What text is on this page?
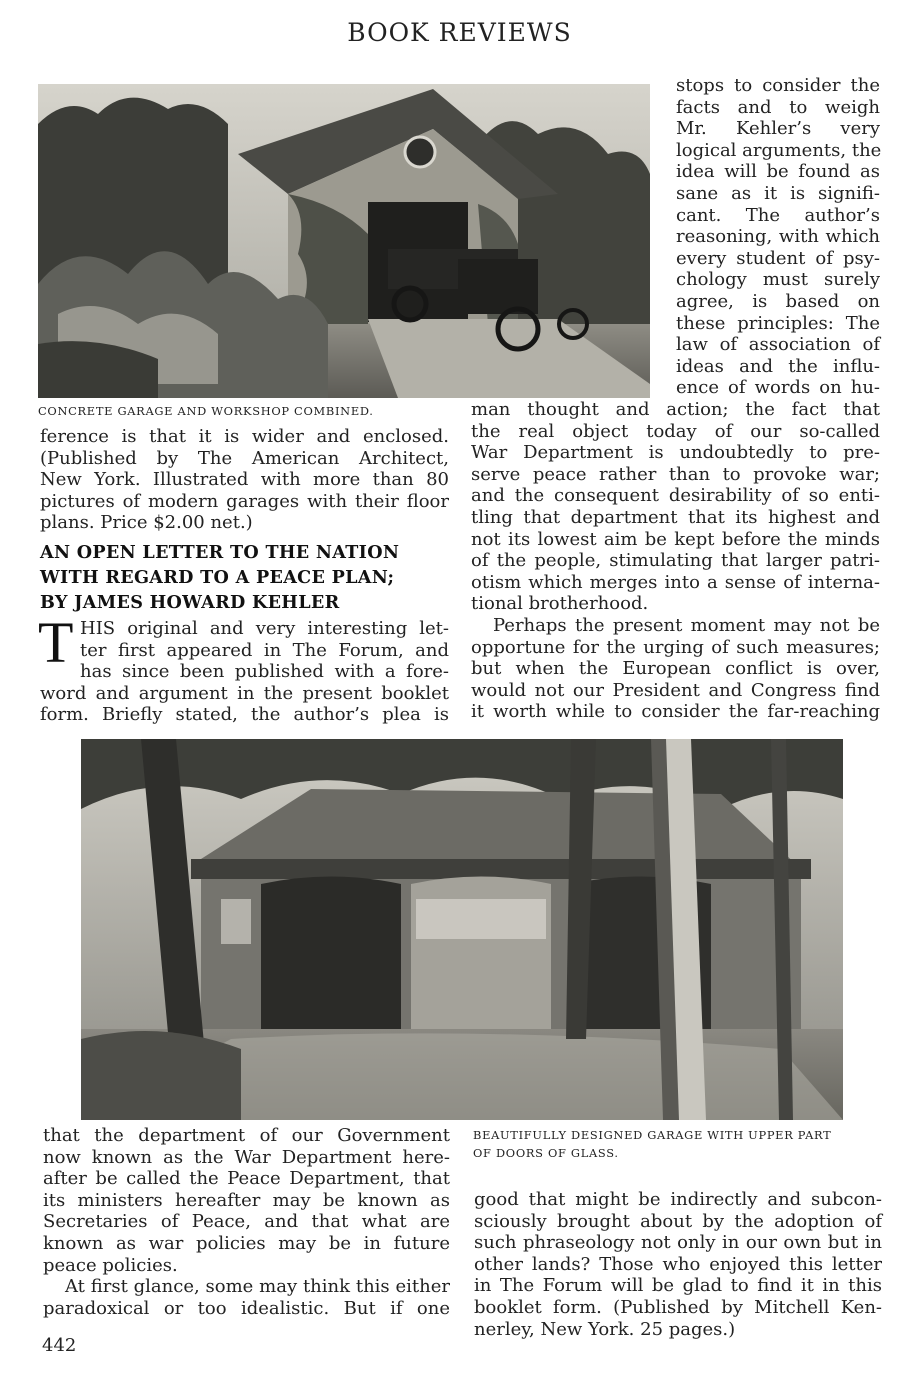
BOOK REVIEWS
CONCRETE GARAGE AND WORKSHOP COMBINED.
stops to consider the
facts and to weigh
Mr. Kehler’s very
logical arguments, the
idea will be found as
sane as it is signifi-
cant. The author’s
reasoning, with which
every student of psy-
chology must surely
agree, is based on
these principles: The
law of association of
ideas and the influ-
ence of words on hu-
man thought and action; the fact that
the real object today of our so-called
War Department is undoubtedly to pre-
serve peace rather than to provoke war;
and the consequent desirability of so enti-
tling that department that its highest and
not its lowest aim be kept before the minds
of the people, stimulating that larger patri-
otism which merges into a sense of interna-
tional brotherhood.
Perhaps the present moment may not be
opportune for the urging of such measures;
but when the European conflict is over,
would not our President and Congress find
it worth while to consider the far-reaching
ference is that it is wider and enclosed.
(Published by The American Architect,
New York. Illustrated with more than 80
pictures of modern garages with their floor
plans. Price $2.00 net.)
AN OPEN LETTER TO THE NATION
WITH REGARD TO A PEACE PLAN;
BY JAMES HOWARD KEHLER
T HIS original and very interesting let-
ter first appeared in The Forum, and
has since been published with a fore-
word and argument in the present booklet
form. Briefly stated, the author’s plea is
BEAUTIFULLY DESIGNED GARAGE WITH UPPER PART
OF DOORS OF GLASS.
that the department of our Government
now known as the War Department here-
after be called the Peace Department, that
its ministers hereafter may be known as
Secretaries of Peace, and that what are
known as war policies may be in future
peace policies.
At first glance, some may think this either
paradoxical or too idealistic. But if one
good that might be indirectly and subcon-
sciously brought about by the adoption of
such phraseology not only in our own but in
other lands? Those who enjoyed this letter
in The Forum will be glad to find it in this
booklet form. (Published by Mitchell Ken-
nerley, New York. 25 pages.)
442
